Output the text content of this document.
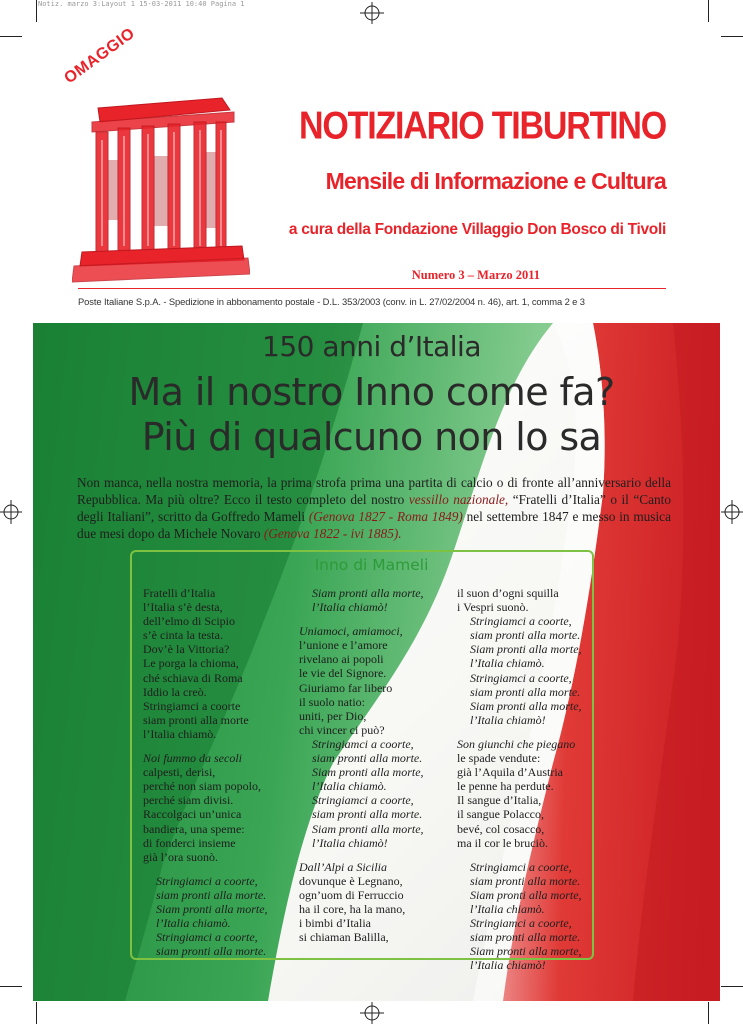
Notiz. marzo 3:Layout 1 15-03-2011 10:40 Pagina 1
OMAGGIO
NOTIZIARIO TIBURTINO
Mensile di Informazione e Cultura
a cura della Fondazione Villaggio Don Bosco di Tivoli
Numero 3 – Marzo 2011
Poste Italiane S.p.A. - Spedizione in abbonamento postale - D.L. 353/2003 (conv. in L. 27/02/2004 n. 46), art. 1, comma 2 e 3
150 anni d’Italia
Ma il nostro Inno come fa?
Più di qualcuno non lo sa
Non manca, nella nostra memoria, la prima strofa prima una partita di calcio o di fronte all’anniversario della Repubblica. Ma più oltre? Ecco il testo completo del nostro vessillo nazionale, “Fratelli d’Italia” o il “Canto degli Italiani”, scritto da Goffredo Mameli (Genova 1827 - Roma 1849) nel settembre 1847 e messo in musica due mesi dopo da Michele Novaro (Genova 1822 - ivi 1885).
Inno di Mameli
Fratelli d’Italia
l’Italia s’è desta,
dell’elmo di Scipio
s’è cinta la testa.
Dov’è la Vittoria?
Le porga la chioma,
ché schiava di Roma
Iddio la creò.
Stringiamci a coorte
siam pronti alla morte
l’Italia chiamò.
Noi fummo da secoli
calpesti, derisi,
perché non siam popolo,
perché siam divisi.
Raccolgaci un’unica
bandiera, una speme:
di fonderci insieme
già l’ora suonò.
Stringiamci a coorte,
siam pronti alla morte.
Siam pronti alla morte,
l’Italia chiamò.
Stringiamci a coorte,
siam pronti alla morte.
Siam pronti alla morte,
l’Italia chiamò!
Uniamoci, amiamoci,
l’unione e l’amore
rivelano ai popoli
le vie del Signore.
Giuriamo far libero
il suolo natio:
uniti, per Dio,
chi vincer ci può?
Stringiamci a coorte,
siam pronti alla morte.
Siam pronti alla morte,
l’Italia chiamò.
Stringiamci a coorte,
siam pronti alla morte.
Siam pronti alla morte,
l’Italia chiamò!
Dall’Alpi a Sicilia
dovunque è Legnano,
ogn’uom di Ferruccio
ha il core, ha la mano,
i bimbi d’Italia
si chiaman Balilla,
il suon d’ogni squilla
i Vespri suonò.
Stringiamci a coorte,
siam pronti alla morte.
Siam pronti alla morte,
l’Italia chiamò.
Stringiamci a coorte,
siam pronti alla morte.
Siam pronti alla morte,
l’Italia chiamò!
Son giunchi che piegano
le spade vendute:
già l’Aquila d’Austria
le penne ha perdute.
Il sangue d’Italia,
il sangue Polacco,
bevé, col cosacco,
ma il cor le bruciò.
Stringiamci a coorte,
siam pronti alla morte.
Siam pronti alla morte,
l’Italia chiamò.
Stringiamci a coorte,
siam pronti alla morte.
Siam pronti alla morte,
l’Italia chiamò!
